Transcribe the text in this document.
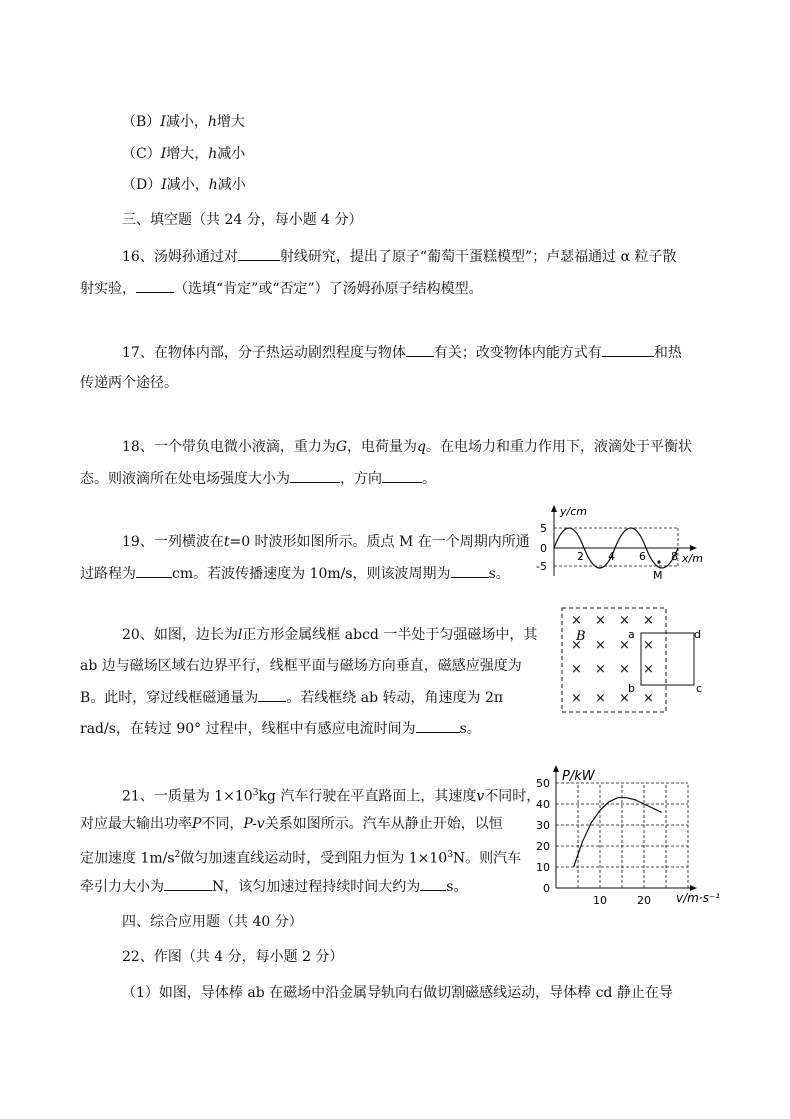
（B）I减小，h增大
（C）I增大，h减小
（D）I减小，h减小
三、填空题（共 24 分，每小题 4 分）
16、汤姆孙通过对	射线研究，提出了原子“葡萄干蛋糕模型”；卢瑟福通过 α 粒子散
射实验，	（选填“肯定”或“否定”）了汤姆孙原子结构模型。
17、在物体内部，分子热运动剧烈程度与物体 有关；改变物体内能方式有	和热
传递两个途径。
18、一个带负电微小液滴，重力为G，电荷量为q。在电场力和重力作用下，液滴处于平衡状
态。则液滴所在处电场强度大小为	，方向	。
19、一列横波在t=0 时波形如图所示。质点 M 在一个周期内所通
过路程为	cm。若波传播速度为 10m/s，则该波周期为	s。
y/cm
x/m
5
0
-5
2 4 6 8
M
20、如图，边长为l正方形金属线框 abcd 一半处于匀强磁场中，其
ab 边与磁场区域右边界平行，线框平面与磁场方向垂直，磁感应强度为
B。此时，穿过线框磁通量为 。若线框绕 ab 转动，角速度为 2π
rad/s，在转过 90° 过程中，线框中有感应电流时间为	s。
× × × ×
× × ×
× × × ×
× × × ×
×
B	a
b	c
d
21、一质量为 $1\times 10^3kg$ 汽车行驶在平直路面上，其速度v不同时，
对应最大输出功率P不同，P-v关系如图所示。汽车从静止开始，以恒
定加速度 $1m/s^2$做匀加速直线运动时，受到阻力恒为 $1\times 10^3N$。则汽车
牵引力大小为	N，该匀加速过程持续时间大约为 s。	0
10
20
30
40
50
10	20
P/kW
v/m·s⁻¹
四、综合应用题（共 40 分）
22、作图（共 4 分，每小题 2 分）
（1）如图，导体棒 ab 在磁场中沿金属导轨向右做切割磁感线运动，导体棒 cd 静止在导
